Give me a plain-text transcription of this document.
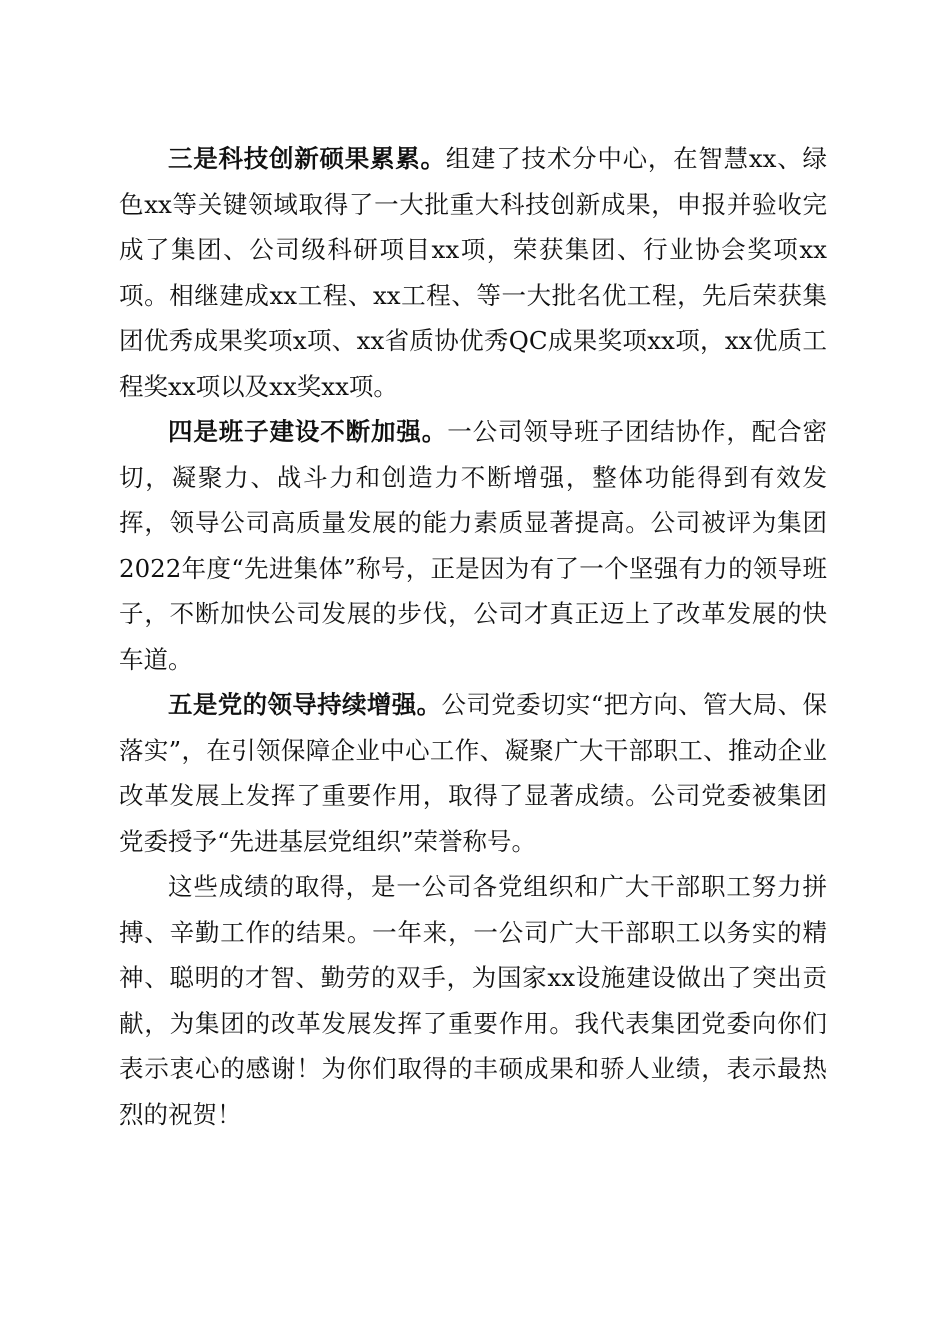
三是科技创新硕果累累。组建了技术分中心，在智慧xx、绿色xx等关键领域取得了一大批重大科技创新成果，申报并验收完成了集团、公司级科研项目xx项，荣获集团、行业协会奖项xx项。相继建成xx工程、xx工程、等一大批名优工程，先后荣获集团优秀成果奖项x项、xx省质协优秀QC成果奖项xx项，xx优质工程奖xx项以及xx奖xx项。

四是班子建设不断加强。一公司领导班子团结协作，配合密切，凝聚力、战斗力和创造力不断增强，整体功能得到有效发挥，领导公司高质量发展的能力素质显著提高。公司被评为集团2022年度“先进集体”称号，正是因为有了一个坚强有力的领导班子，不断加快公司发展的步伐，公司才真正迈上了改革发展的快车道。

五是党的领导持续增强。公司党委切实“把方向、管大局、保落实”，在引领保障企业中心工作、凝聚广大干部职工、推动企业改革发展上发挥了重要作用，取得了显著成绩。公司党委被集团党委授予“先进基层党组织”荣誉称号。

这些成绩的取得，是一公司各党组织和广大干部职工努力拼搏、辛勤工作的结果。一年来，一公司广大干部职工以务实的精神、聪明的才智、勤劳的双手，为国家xx设施建设做出了突出贡献，为集团的改革发展发挥了重要作用。我代表集团党委向你们表示衷心的感谢！为你们取得的丰硕成果和骄人业绩，表示最热烈的祝贺！
